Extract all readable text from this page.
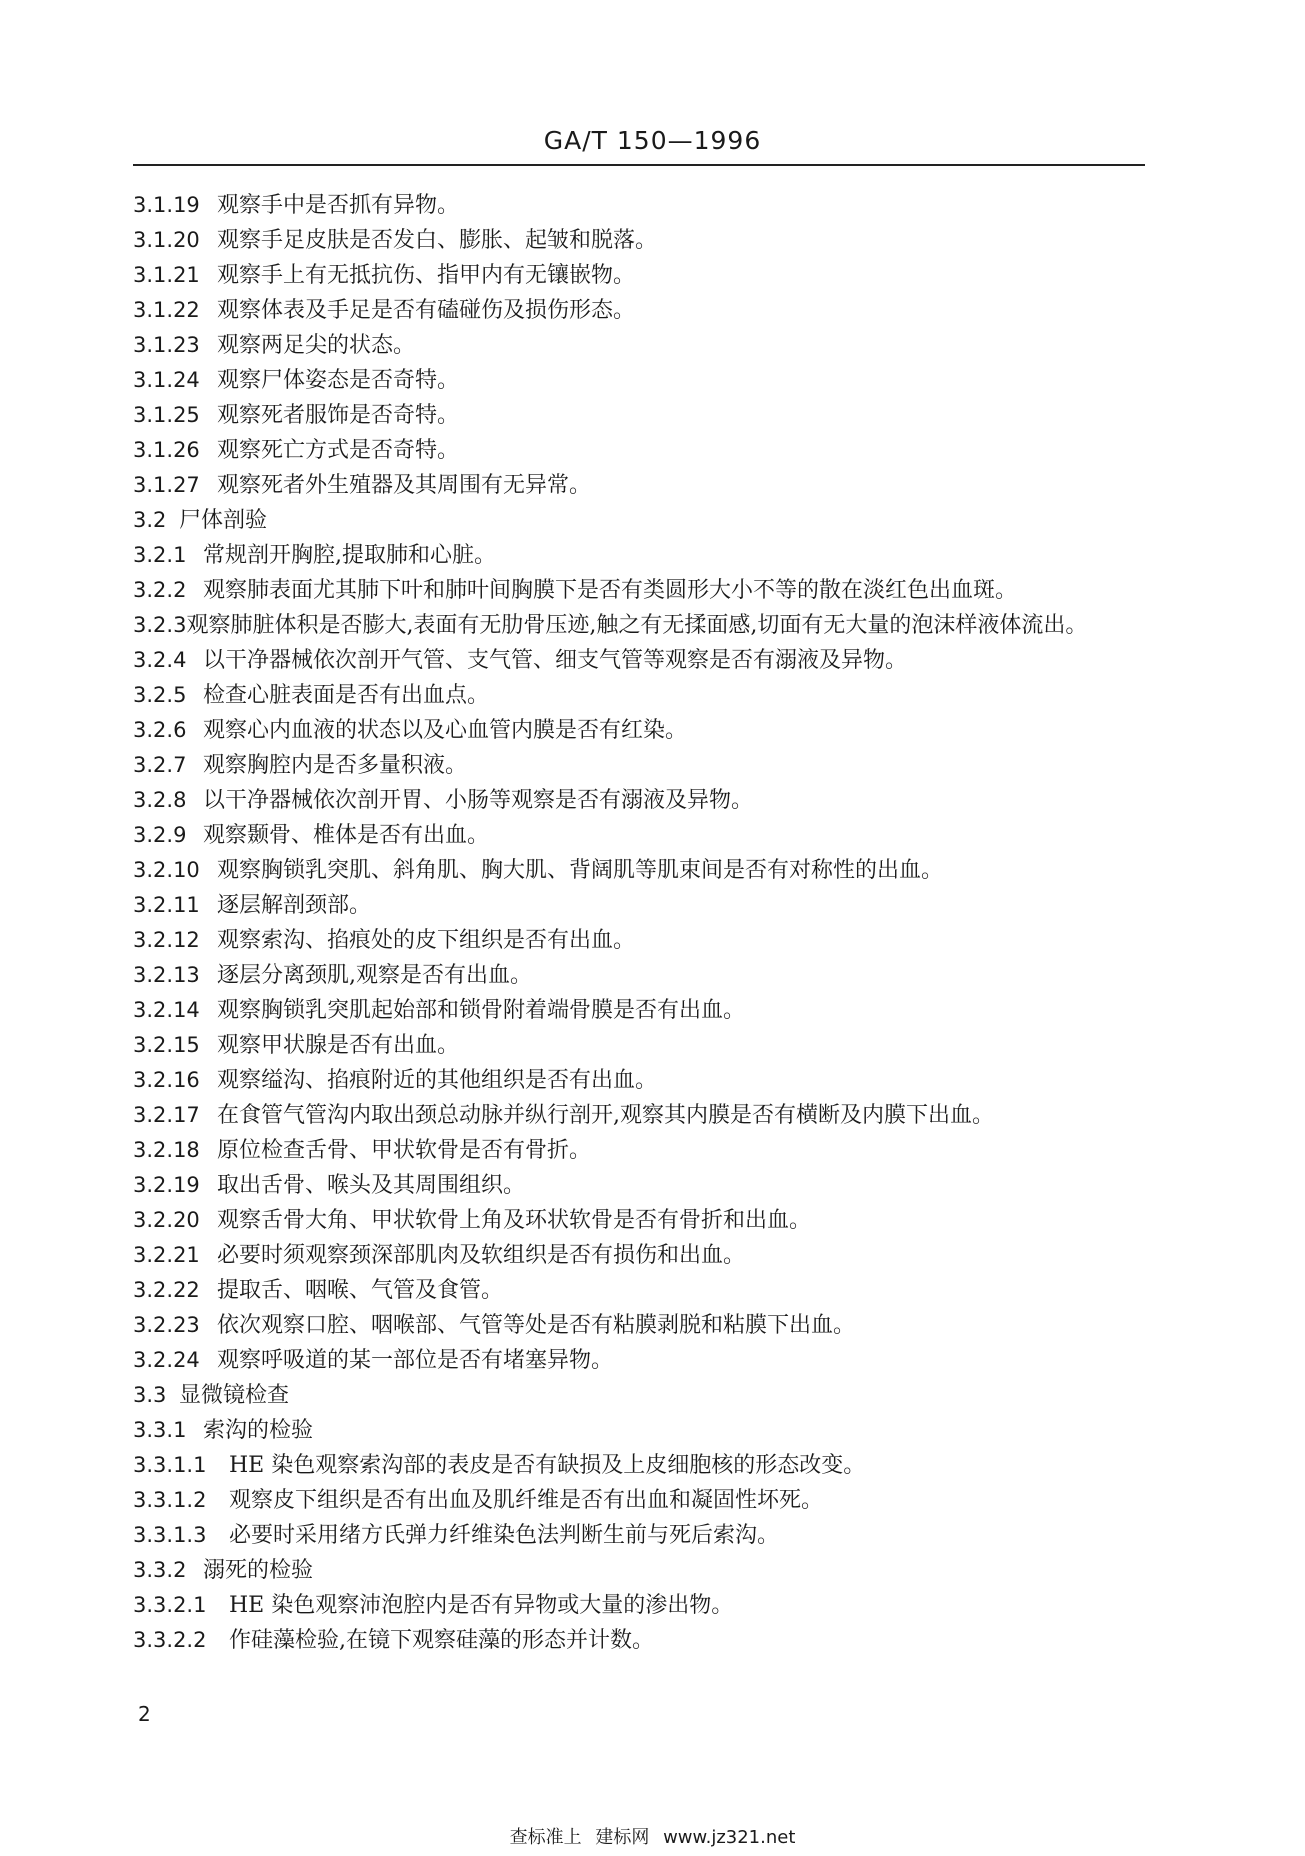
GA/T 150—1996
3.1.19 观察手中是否抓有异物。
3.1.20 观察手足皮肤是否发白、膨胀、起皱和脱落。
3.1.21 观察手上有无抵抗伤、指甲内有无镶嵌物。
3.1.22 观察体表及手足是否有磕碰伤及损伤形态。
3.1.23 观察两足尖的状态。
3.1.24 观察尸体姿态是否奇特。
3.1.25 观察死者服饰是否奇特。
3.1.26 观察死亡方式是否奇特。
3.1.27 观察死者外生殖器及其周围有无异常。
3.2 尸体剖验
3.2.1 常规剖开胸腔,提取肺和心脏。
3.2.2 观察肺表面尤其肺下叶和肺叶间胸膜下是否有类圆形大小不等的散在淡红色出血斑。
3.2.3观察肺脏体积是否膨大,表面有无肋骨压迹,触之有无揉面感,切面有无大量的泡沫样液体流出。
3.2.4 以干净器械依次剖开气管、支气管、细支气管等观察是否有溺液及异物。
3.2.5 检查心脏表面是否有出血点。
3.2.6 观察心内血液的状态以及心血管内膜是否有红染。
3.2.7 观察胸腔内是否多量积液。
3.2.8 以干净器械依次剖开胃、小肠等观察是否有溺液及异物。
3.2.9 观察颞骨、椎体是否有出血。
3.2.10 观察胸锁乳突肌、斜角肌、胸大肌、背阔肌等肌束间是否有对称性的出血。
3.2.11 逐层解剖颈部。
3.2.12 观察索沟、掐痕处的皮下组织是否有出血。
3.2.13 逐层分离颈肌,观察是否有出血。
3.2.14 观察胸锁乳突肌起始部和锁骨附着端骨膜是否有出血。
3.2.15 观察甲状腺是否有出血。
3.2.16 观察缢沟、掐痕附近的其他组织是否有出血。
3.2.17 在食管气管沟内取出颈总动脉并纵行剖开,观察其内膜是否有横断及内膜下出血。
3.2.18 原位检查舌骨、甲状软骨是否有骨折。
3.2.19 取出舌骨、喉头及其周围组织。
3.2.20 观察舌骨大角、甲状软骨上角及环状软骨是否有骨折和出血。
3.2.21 必要时须观察颈深部肌肉及软组织是否有损伤和出血。
3.2.22 提取舌、咽喉、气管及食管。
3.2.23 依次观察口腔、咽喉部、气管等处是否有粘膜剥脱和粘膜下出血。
3.2.24 观察呼吸道的某一部位是否有堵塞异物。
3.3 显微镜检查
3.3.1 索沟的检验
3.3.1.1	HE 染色观察索沟部的表皮是否有缺损及上皮细胞核的形态改变。
3.3.1.2	观察皮下组织是否有出血及肌纤维是否有出血和凝固性坏死。
3.3.1.3	必要时采用绪方氏弹力纤维染色法判断生前与死后索沟。
3.3.2 溺死的检验
3.3.2.1	HE 染色观察沛泡腔内是否有异物或大量的渗出物。
3.3.2.2	作硅藻检验,在镜下观察硅藻的形态并计数。
2
查标准上 建标网 www.jz321.net
